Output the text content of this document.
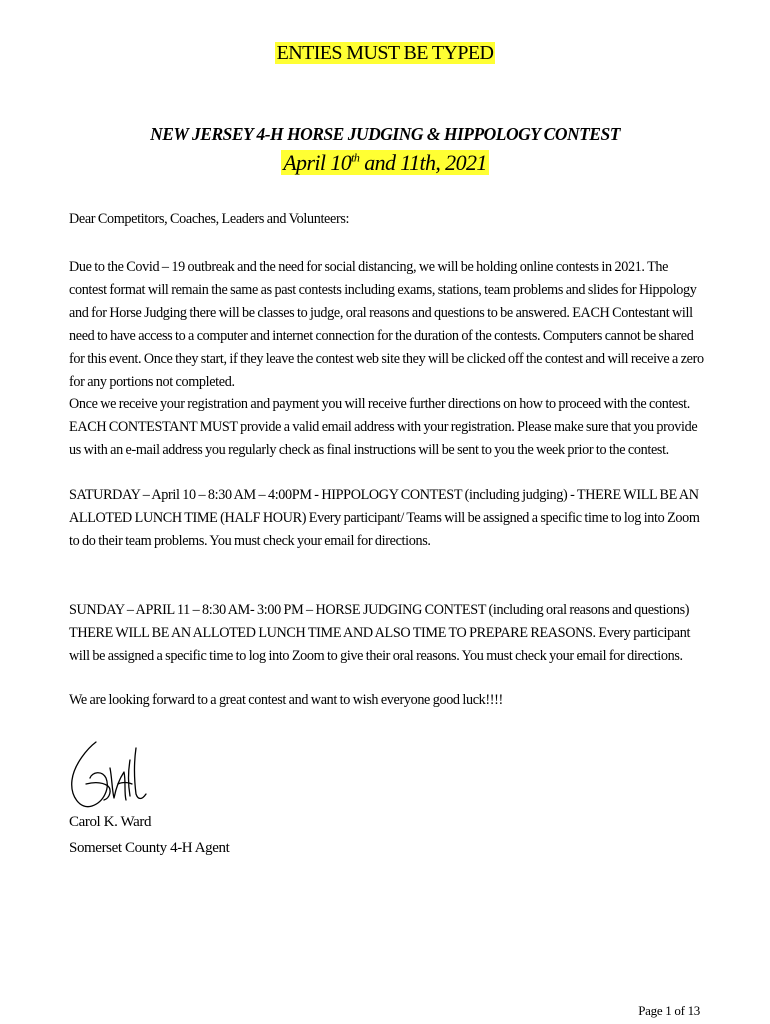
ENTIES MUST BE TYPED
NEW JERSEY 4-H HORSE JUDGING & HIPPOLOGY CONTEST
April 10th and 11th, 2021

Dear Competitors, Coaches, Leaders and Volunteers:

Due to the Covid – 19 outbreak and the need for social distancing, we will be holding online contests in 2021. The contest format will remain the same as past contests including exams, stations, team problems and slides for Hippology and for Horse Judging there will be classes to judge, oral reasons and questions to be answered. EACH Contestant will need to have access to a computer and internet connection for the duration of the contests. Computers cannot be shared for this event. Once they start, if they leave the contest web site they will be clicked off the contest and will receive a zero for any portions not completed.

Once we receive your registration and payment you will receive further directions on how to proceed with the contest. EACH CONTESTANT MUST provide a valid email address with your registration. Please make sure that you provide us with an e-mail address you regularly check as final instructions will be sent to you the week prior to the contest.

SATURDAY – April 10 – 8:30 AM – 4:00PM - HIPPOLOGY CONTEST (including judging) - THERE WILL BE AN ALLOTED LUNCH TIME (HALF HOUR) Every participant/ Teams will be assigned a specific time to log into Zoom to do their team problems. You must check your email for directions.

SUNDAY – APRIL 11 – 8:30 AM- 3:00 PM – HORSE JUDGING CONTEST (including oral reasons and questions) THERE WILL BE AN ALLOTED LUNCH TIME AND ALSO TIME TO PREPARE REASONS. Every participant will be assigned a specific time to log into Zoom to give their oral reasons. You must check your email for directions.

We are looking forward to a great contest and want to wish everyone good luck!!!!

Carol K. Ward
Somerset County 4-H Agent
Page 1 of 13
